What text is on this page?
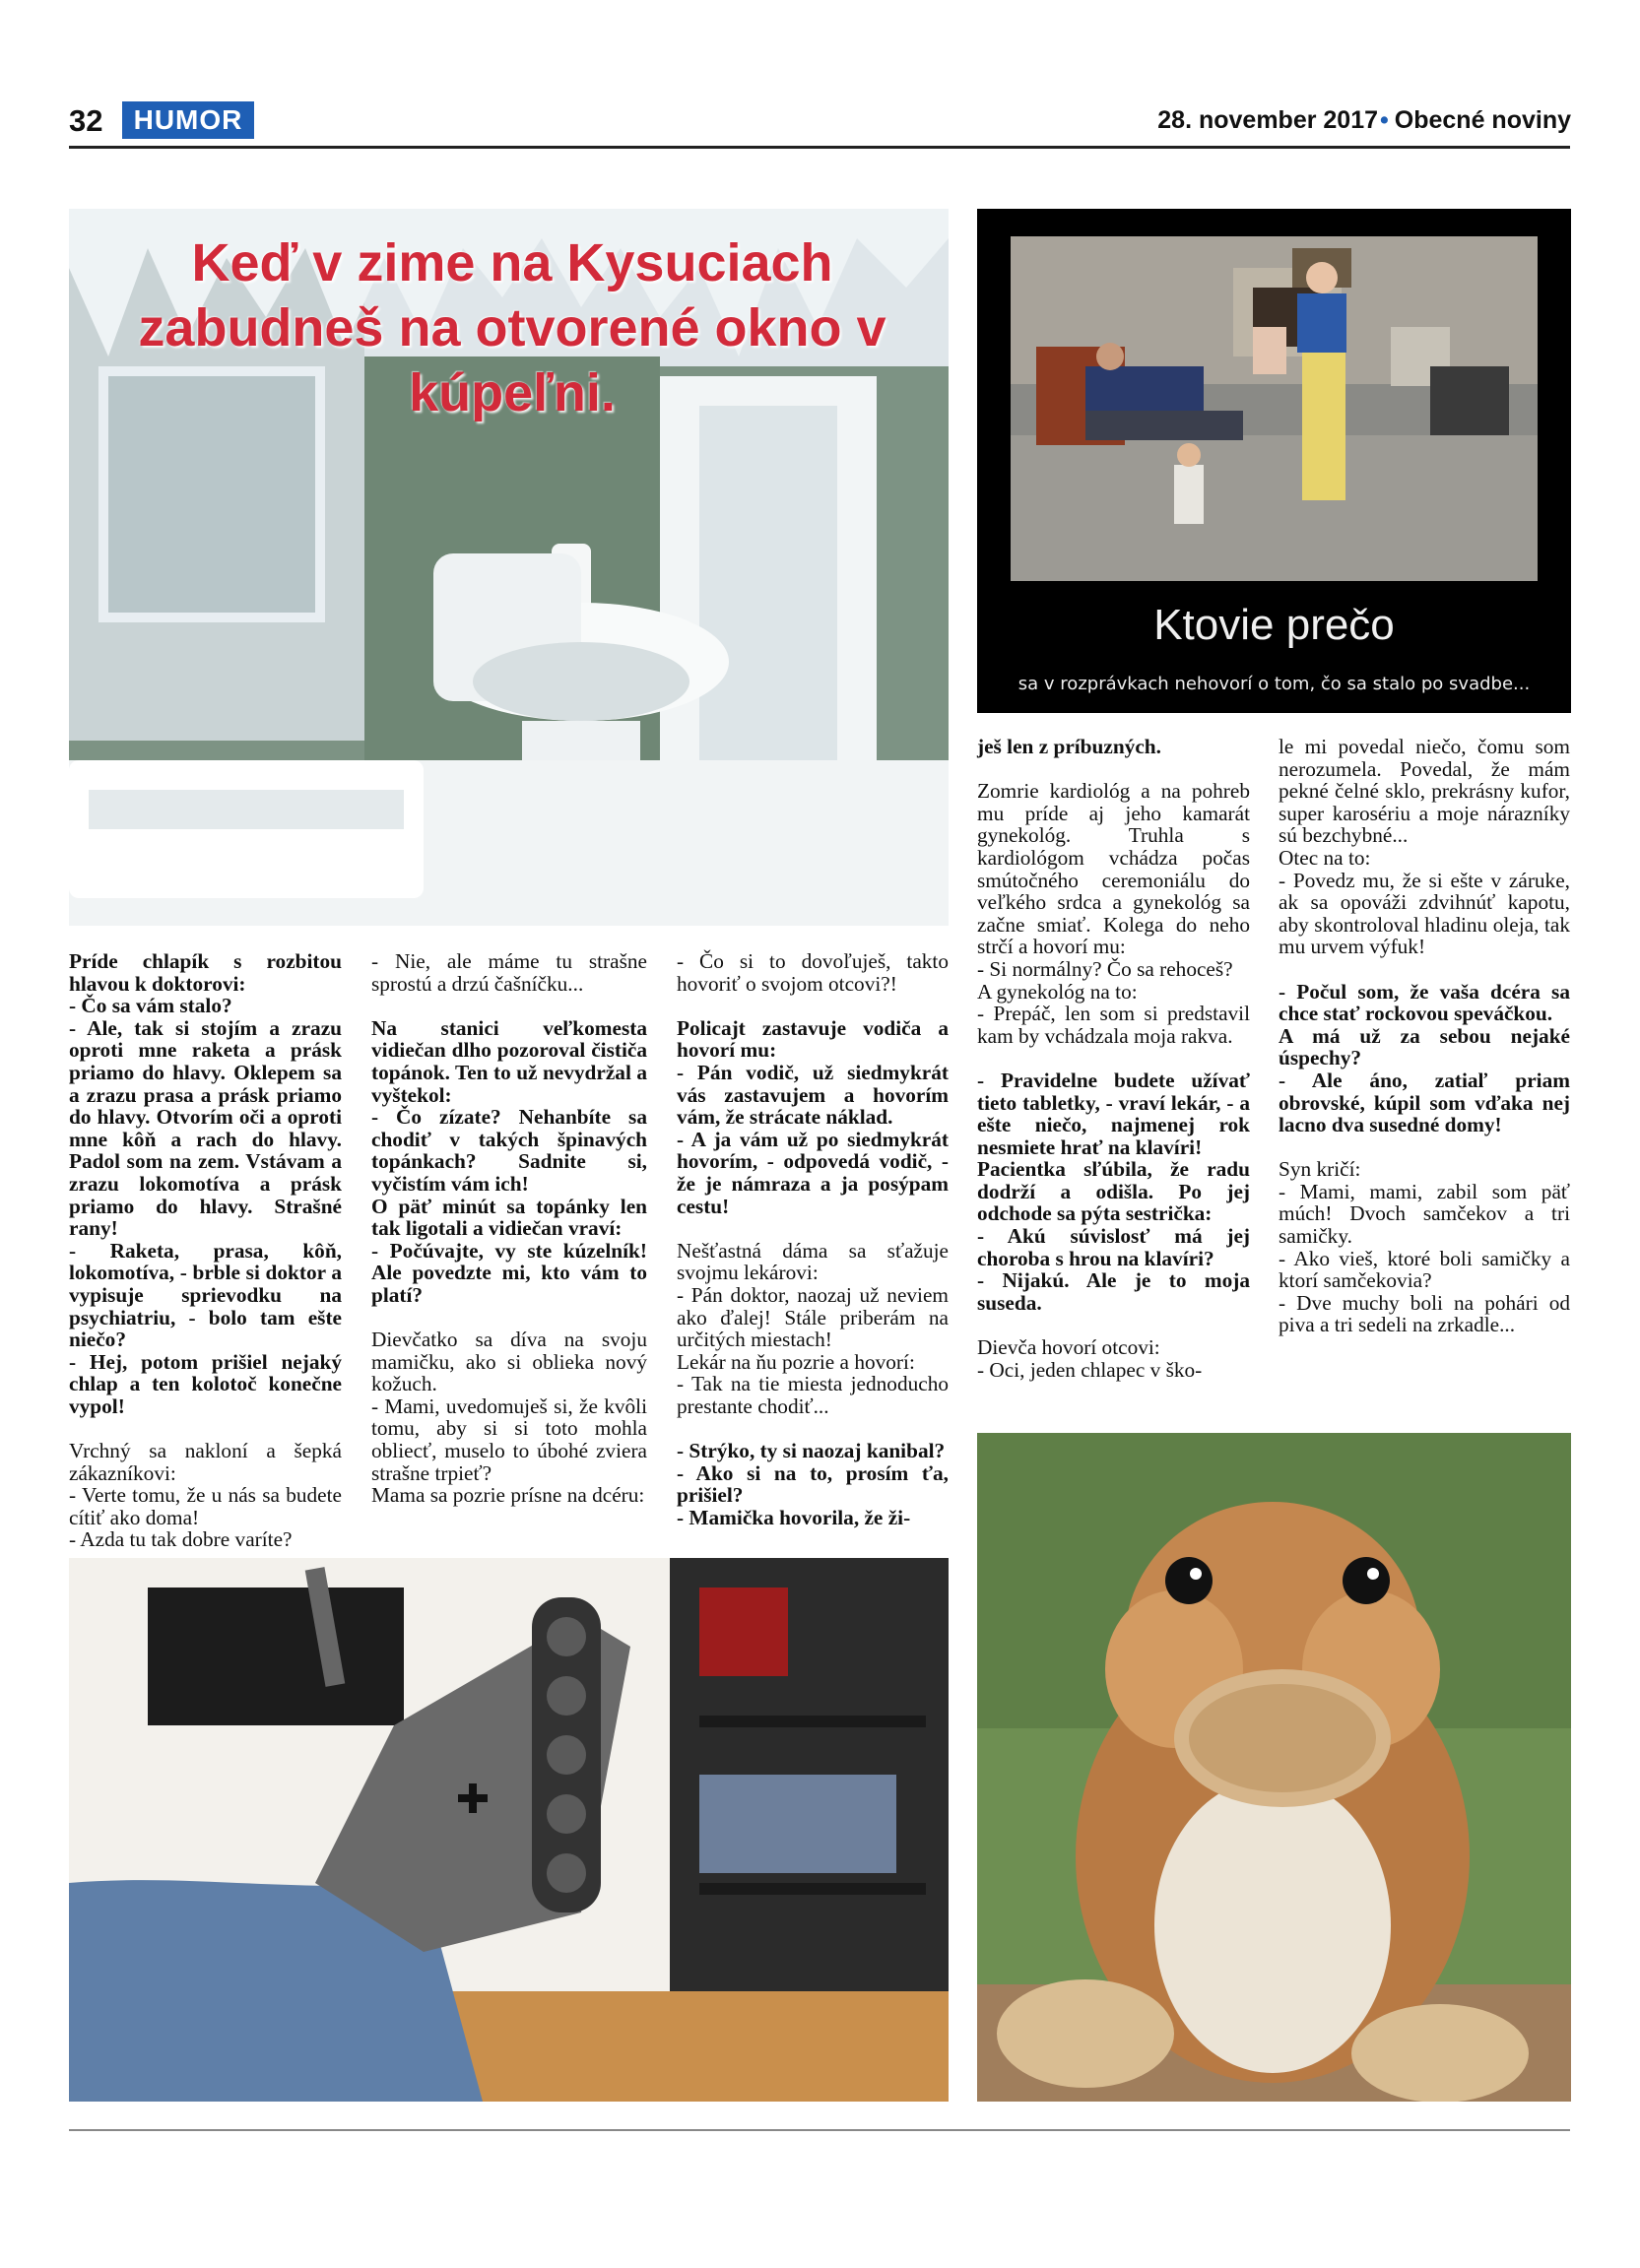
32	HUMOR	28. november 2017• Obecné noviny
Keď v zime na Kysuciach zabudneš na otvorené okno v kúpeľni.
Ktovie prečo
sa v rozprávkach nehovorí o tom, čo sa stalo po svadbe...

Príde chlapík s rozbitou hlavou k doktorovi:

- Čo sa vám stalo?

- Ale, tak si stojím a zrazu oproti mne raketa a prásk priamo do hlavy. Oklepem sa a zrazu prasa a prásk priamo do hlavy. Otvorím oči a oproti mne kôň a rach do hlavy. Padol som na zem. Vstávam a zrazu lokomotíva a prásk priamo do hlavy. Strašné rany!

- Raketa, prasa, kôň, lokomotíva, - brble si doktor a vypisuje sprievodku na psychiatriu, - bolo tam ešte niečo?

- Hej, potom prišiel nejaký chlap a ten kolotoč konečne vypol!

Vrchný sa nakloní a šepká zákazníkovi:

- Verte tomu, že u nás sa budete cítiť ako doma!

- Azda tu tak dobre varíte?

- Nie, ale máme tu strašne sprostú a drzú čašníčku...

Na stanici veľkomesta vidiečan dlho pozoroval čističa topánok. Ten to už nevydržal a vyštekol:

- Čo zízate? Nehanbíte sa chodiť v takých špinavých topánkach? Sadnite si, vyčistím vám ich!

O päť minút sa topánky len tak ligotali a vidiečan vraví:

- Počúvajte, vy ste kúzelník! Ale povedzte mi, kto vám to platí?

Dievčatko sa díva na svoju mamičku, ako si oblieka nový kožuch.

- Mami, uvedomuješ si, že kvôli tomu, aby si si toto mohla obliecť, muselo to úbohé zviera strašne trpieť?

Mama sa pozrie prísne na dcéru:

- Čo si to dovoľuješ, takto hovoriť o svojom otcovi?!

Policajt zastavuje vodiča a hovorí mu:

- Pán vodič, už siedmykrát vás zastavujem a hovorím vám, že strácate náklad.

- A ja vám už po siedmykrát hovorím, - odpovedá vodič, - že je námraza a ja posýpam cestu!

Nešťastná dáma sa sťažuje svojmu lekárovi:

- Pán doktor, naozaj už neviem ako ďalej! Stále priberám na určitých miestach!

Lekár na ňu pozrie a hovorí:

- Tak na tie miesta jednoducho prestante chodiť...

- Strýko, ty si naozaj kanibal?

- Ako si na to, prosím ťa, prišiel?

- Mamička hovorila, že ži-

ješ len z príbuzných.

Zomrie kardiológ a na pohreb mu príde aj jeho kamarát gynekológ. Truhla s kardiológom vchádza počas smútočného ceremoniálu do veľkého srdca a gynekológ sa začne smiať. Kolega do neho strčí a hovorí mu:

- Si normálny? Čo sa rehoceš?

A gynekológ na to:

- Prepáč, len som si predstavil kam by vchádzala moja rakva.

- Pravidelne budete užívať tieto tabletky, - vraví lekár, - a ešte niečo, najmenej rok nesmiete hrať na klavíri!

Pacientka sľúbila, že radu dodrží a odišla. Po jej odchode sa pýta sestrička:

- Akú súvislosť má jej choroba s hrou na klavíri?

- Nijakú. Ale je to moja suseda.

Dievča hovorí otcovi:

- Oci, jeden chlapec v ško-

le mi povedal niečo, čomu som nerozumela. Povedal, že mám pekné čelné sklo, prekrásny kufor, super karosériu a moje nárazníky sú bezchybné...

Otec na to:

- Povedz mu, že si ešte v záruke, ak sa opováži zdvihnúť kapotu, aby skontroloval hladinu oleja, tak mu urvem výfuk!

- Počul som, že vaša dcéra sa chce stať rockovou speváčkou.

A má už za sebou nejaké úspechy?

- Ale áno, zatiaľ priam obrovské, kúpil som vďaka nej lacno dva susedné domy!

Syn kričí:

- Mami, mami, zabil som päť múch! Dvoch samčekov a tri samičky.

- Ako vieš, ktoré boli samičky a ktorí samčekovia?

- Dve muchy boli na pohári od piva a tri sedeli na zrkadle...
